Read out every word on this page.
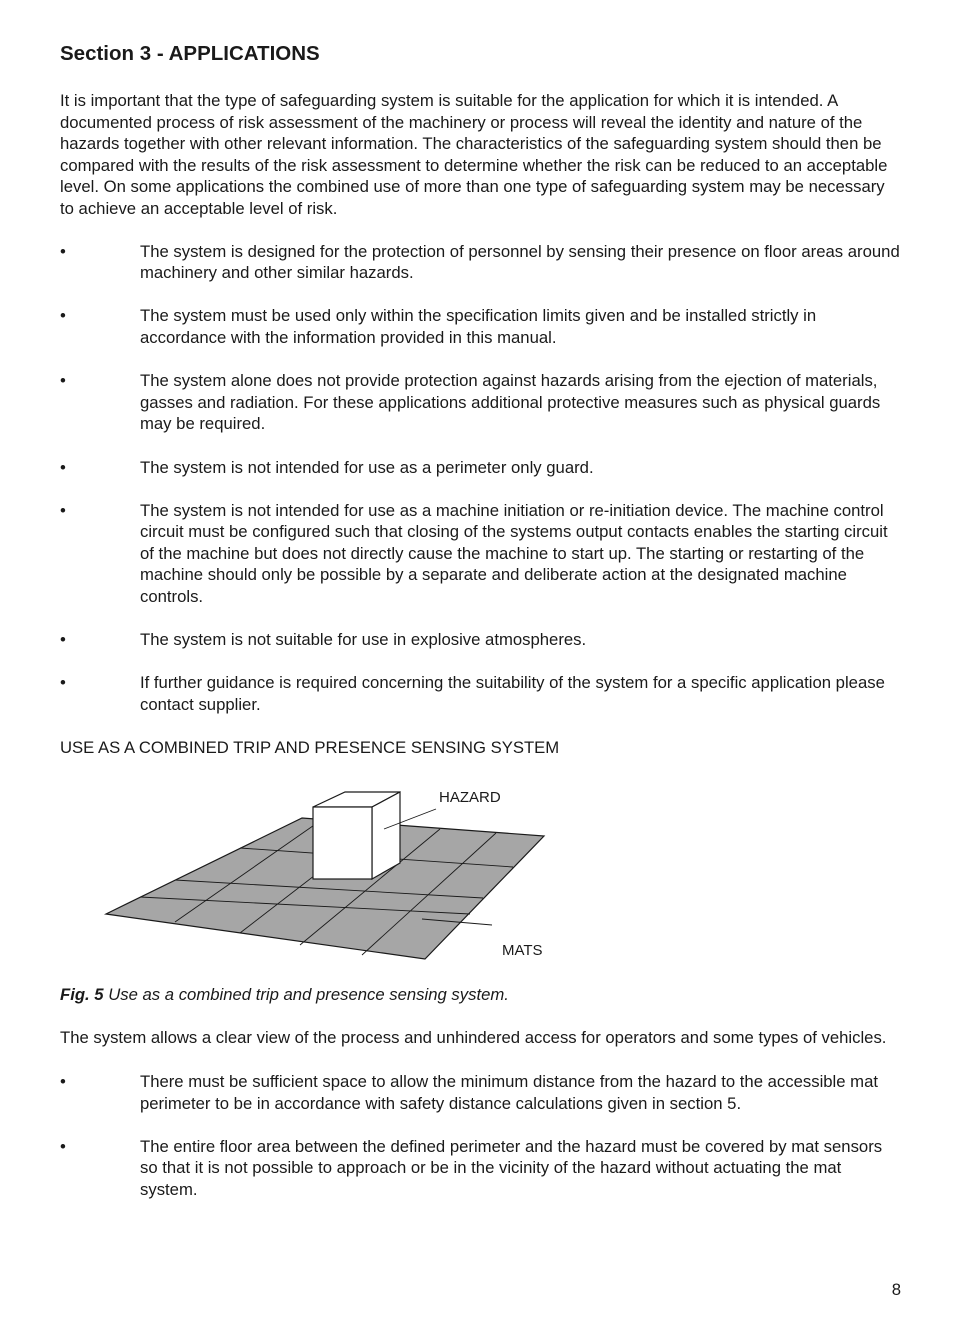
Section 3 - APPLICATIONS

It is important that the type of safeguarding system is suitable for the application for which it is intended. A documented process of risk assessment of the machinery or process will reveal the identity and nature of the hazards together with other relevant information. The characteristics of the safeguarding system should then be compared with the results of the risk assessment to determine whether the risk can be reduced to an acceptable level. On some applications the combined use of more than one type of safeguarding system may be necessary to achieve an acceptable level of risk.

• The system is designed for the protection of personnel by sensing their presence on floor areas around machinery and other similar hazards.
• The system must be used only within the specification limits given and be installed strictly in accordance with the information provided in this manual.
• The system alone does not provide protection against hazards arising from the ejection of materials, gasses and radiation. For these applications additional protective measures such as physical guards may be required.
• The system is not intended for use as a perimeter only guard.
• The system is not intended for use as a machine initiation or re-initiation device. The machine control circuit must be configured such that closing of the systems output contacts enables the starting circuit of the machine but does not directly cause the machine to start up. The starting or restarting of the machine should only be possible by a separate and deliberate action at the designated machine controls.
• The system is not suitable for use in explosive atmospheres.
• If further guidance is required concerning the suitability of the system for a specific application please contact supplier.

USE AS A COMBINED TRIP AND PRESENCE SENSING SYSTEM

HAZARD
MATS

Fig. 5 Use as a combined trip and presence sensing system.

The system allows a clear view of the process and unhindered access for operators and some types of vehicles.

• There must be sufficient space to allow the minimum distance from the hazard to the accessible mat perimeter to be in accordance with safety distance calculations given in section 5.
• The entire floor area between the defined perimeter and the hazard must be covered by mat sensors so that it is not possible to approach or be in the vicinity of the hazard without actuating the mat system.
8
